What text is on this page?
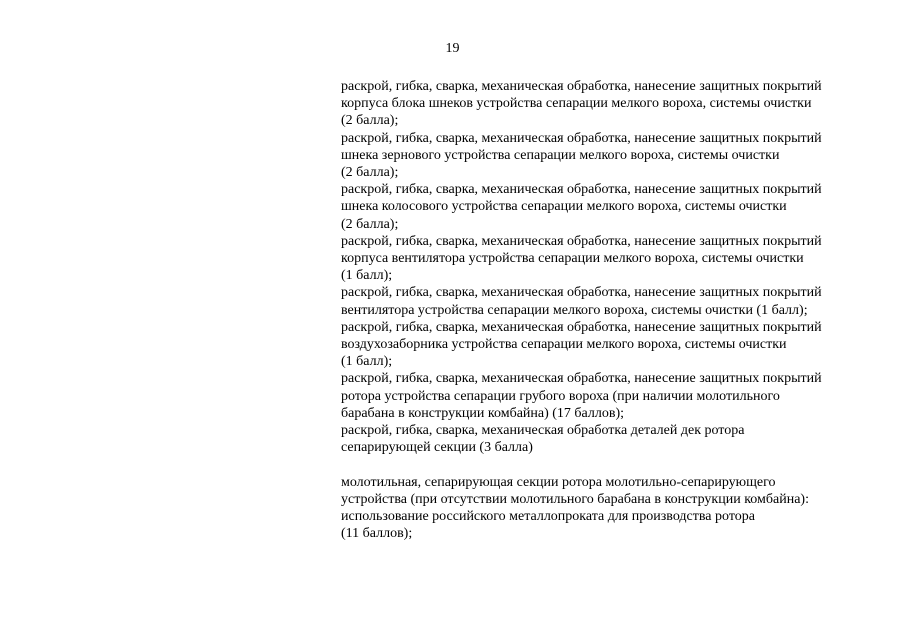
19
раскрой, гибка, сварка, механическая обработка, нанесение защитных покрытий
корпуса блока шнеков устройства сепарации мелкого вороха, системы очистки
(2 балла);
раскрой, гибка, сварка, механическая обработка, нанесение защитных покрытий
шнека зернового устройства сепарации мелкого вороха, системы очистки
(2 балла);
раскрой, гибка, сварка, механическая обработка, нанесение защитных покрытий
шнека колосового устройства сепарации мелкого вороха, системы очистки
(2 балла);
раскрой, гибка, сварка, механическая обработка, нанесение защитных покрытий
корпуса вентилятора устройства сепарации мелкого вороха, системы очистки
(1 балл);
раскрой, гибка, сварка, механическая обработка, нанесение защитных покрытий
вентилятора устройства сепарации мелкого вороха, системы очистки (1 балл);
раскрой, гибка, сварка, механическая обработка, нанесение защитных покрытий
воздухозаборника устройства сепарации мелкого вороха, системы очистки
(1 балл);
раскрой, гибка, сварка, механическая обработка, нанесение защитных покрытий
ротора устройства сепарации грубого вороха (при наличии молотильного
барабана в конструкции комбайна) (17 баллов);
раскрой, гибка, сварка, механическая обработка деталей дек ротора
сепарирующей секции (3 балла)
молотильная, сепарирующая секции ротора молотильно-сепарирующего
устройства (при отсутствии молотильного барабана в конструкции комбайна):
использование российского металлопроката для производства ротора
(11 баллов);
